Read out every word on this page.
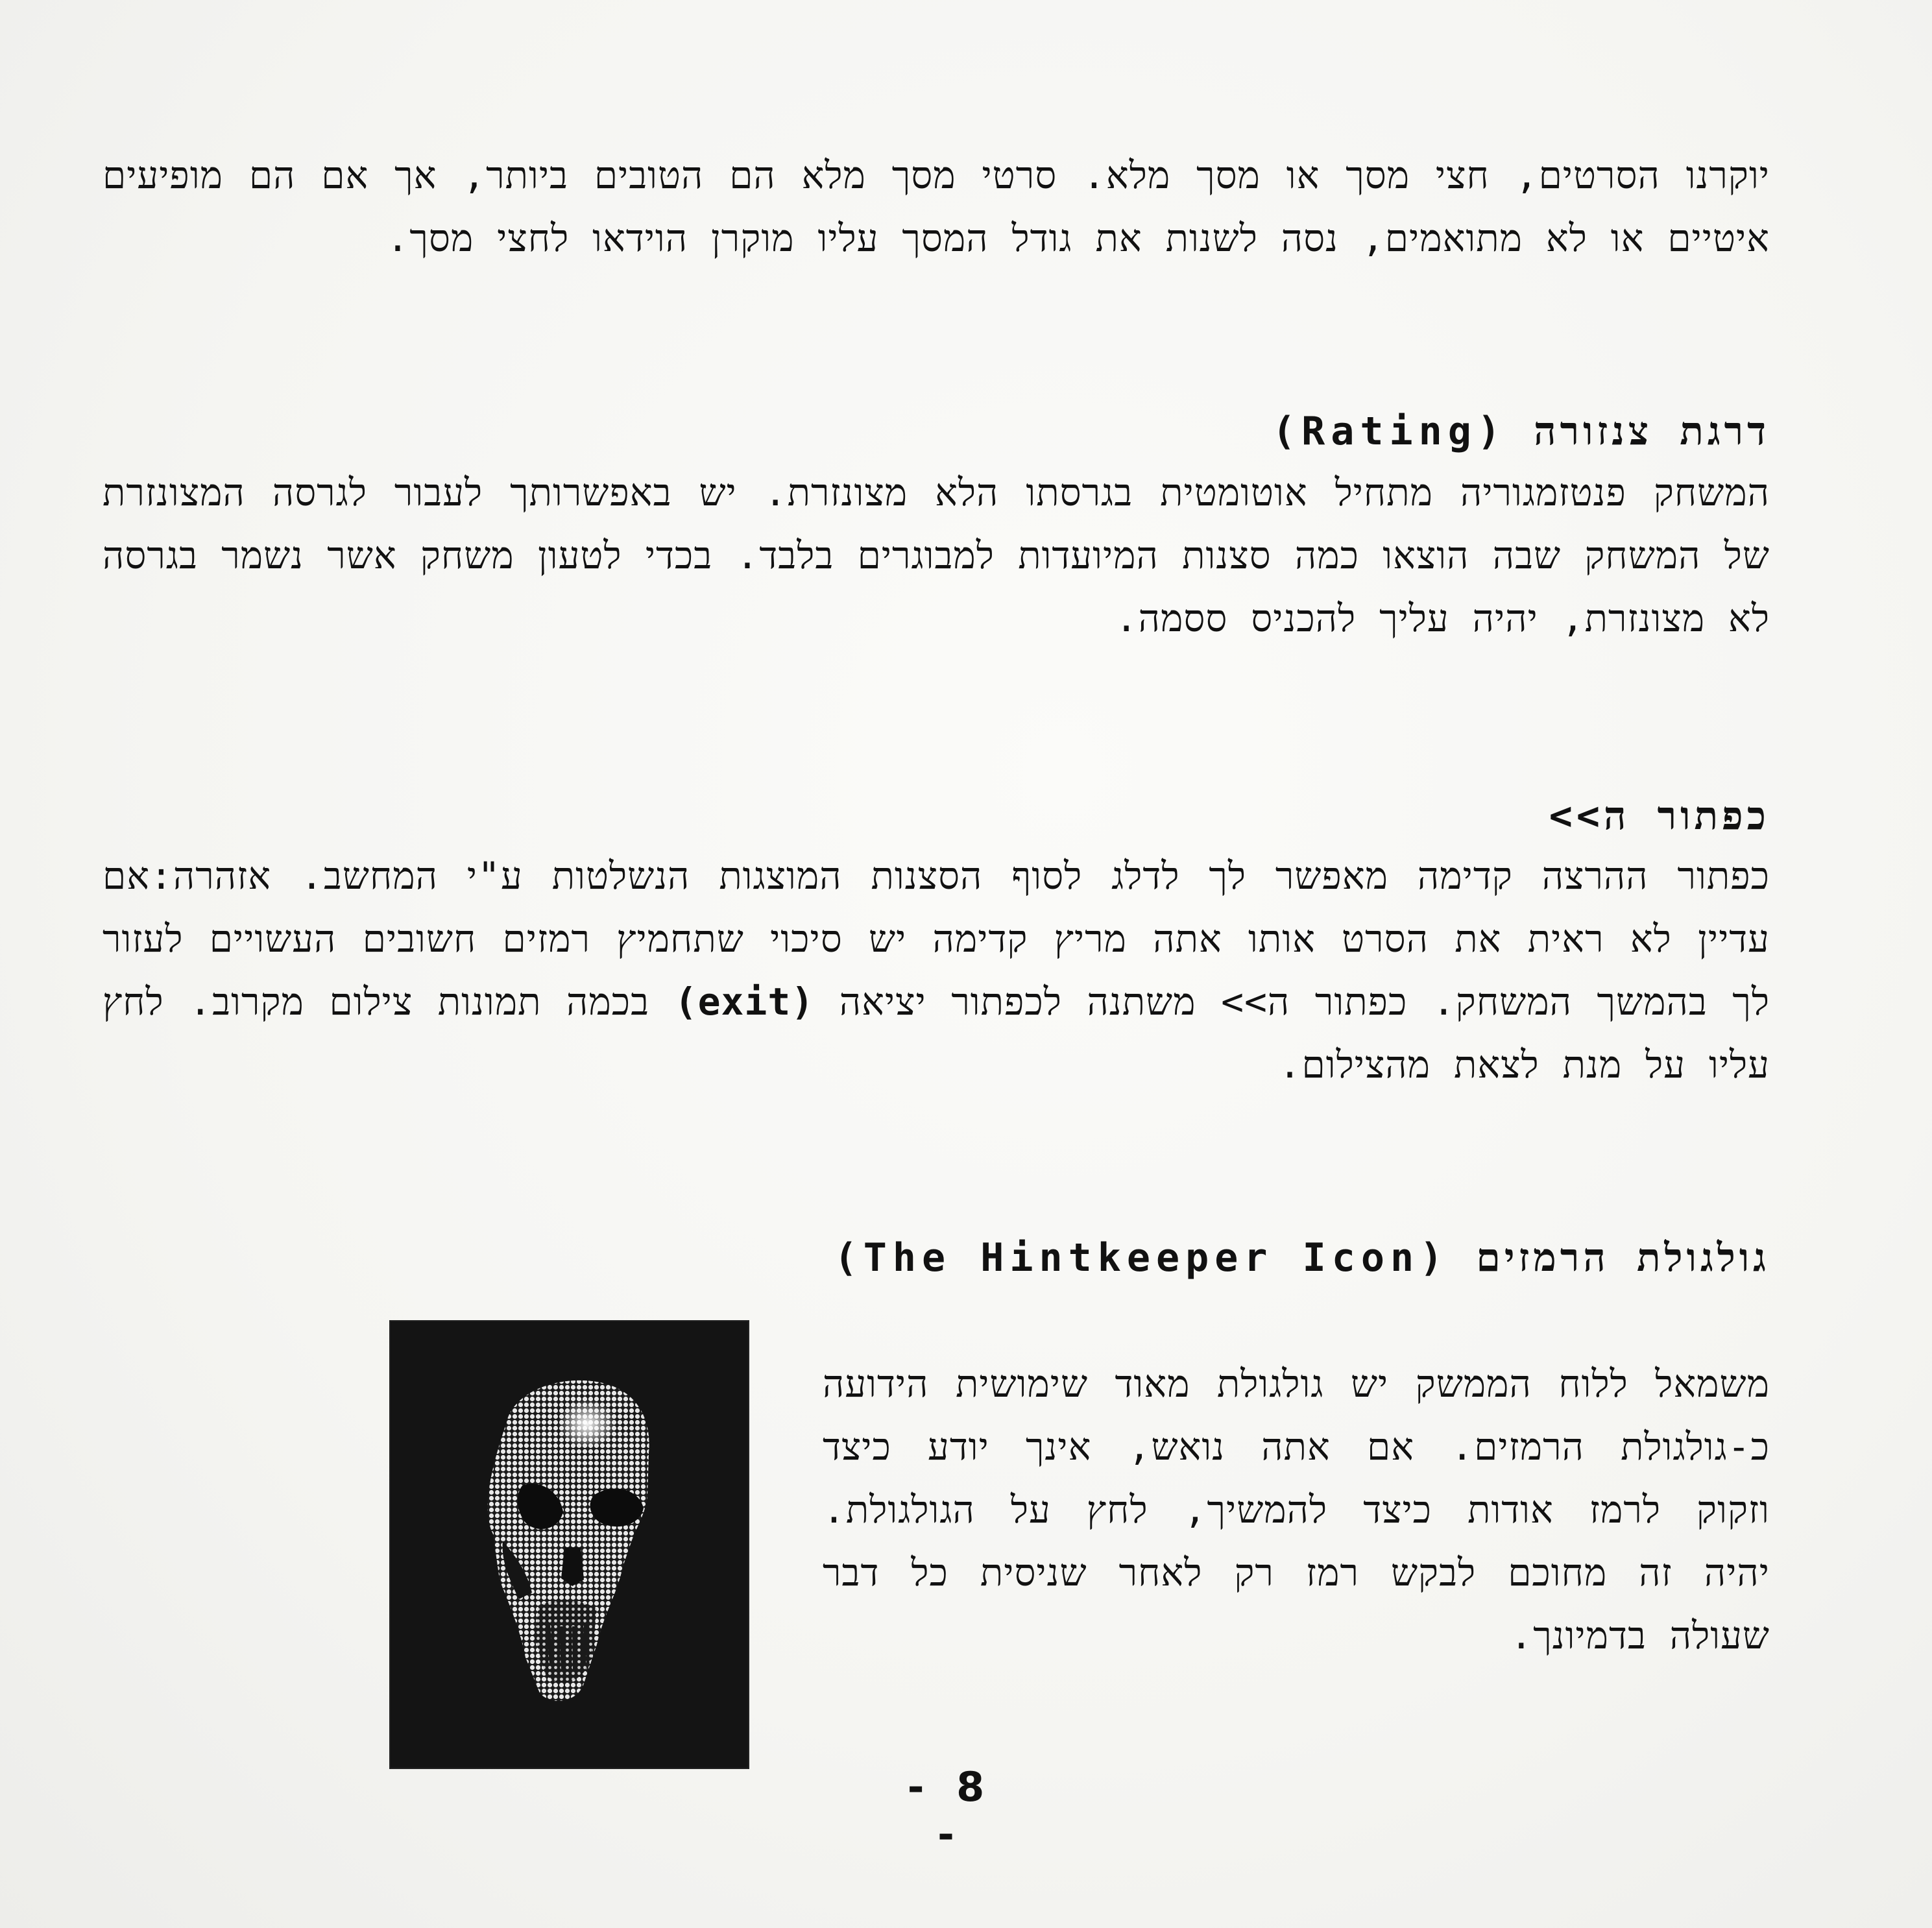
יוקרנו הסרטים, חצי מסך או מסך מלא. סרטי מסך מלא הם הטובים ביותר, אך אם הם מופיעים איטיים או לא מתואמים, נסה לשנות את גודל המסך עליו מוקרן הוידאו לחצי מסך.

דרגת צנזורה (Rating)

המשחק פנטזמגוריה מתחיל אוטומטית בגרסתו הלא מצונזרת. יש באפשרותך לעבור לגרסה המצונזרת של המשחק שבה הוצאו כמה סצנות המיועדות למבוגרים בלבד. בכדי לטעון משחק אשר נשמר בגרסה לא מצונזרת, יהיה עליך להכניס ססמה.

כפתור ה>>

כפתור ההרצה קדימה מאפשר לך לדלג לסוף הסצנות המוצגות הנשלטות ע"י המחשב. אזהרה:אם עדיין לא ראית את הסרט אותו אתה מריץ קדימה יש סיכוי שתחמיץ רמזים חשובים העשויים לעזור לך בהמשך המשחק. כפתור ה>> משתנה לכפתור יציאה (exit) בכמה תמונות צילום מקרוב. לחץ עליו על מנת לצאת מהצילום.

גולגולת הרמזים (The Hintkeeper Icon)

משמאל ללוח הממשק יש גולגולת מאוד שימושית הידועה כ-גולגולת הרמזים. אם אתה נואש, אינך יודע כיצד וזקוק לרמז אודות כיצד להמשיך, לחץ על הגולגולת. יהיה זה מחוכם לבקש רמז רק לאחר שניסית כל דבר שעולה בדמיונך.

- 8 -
